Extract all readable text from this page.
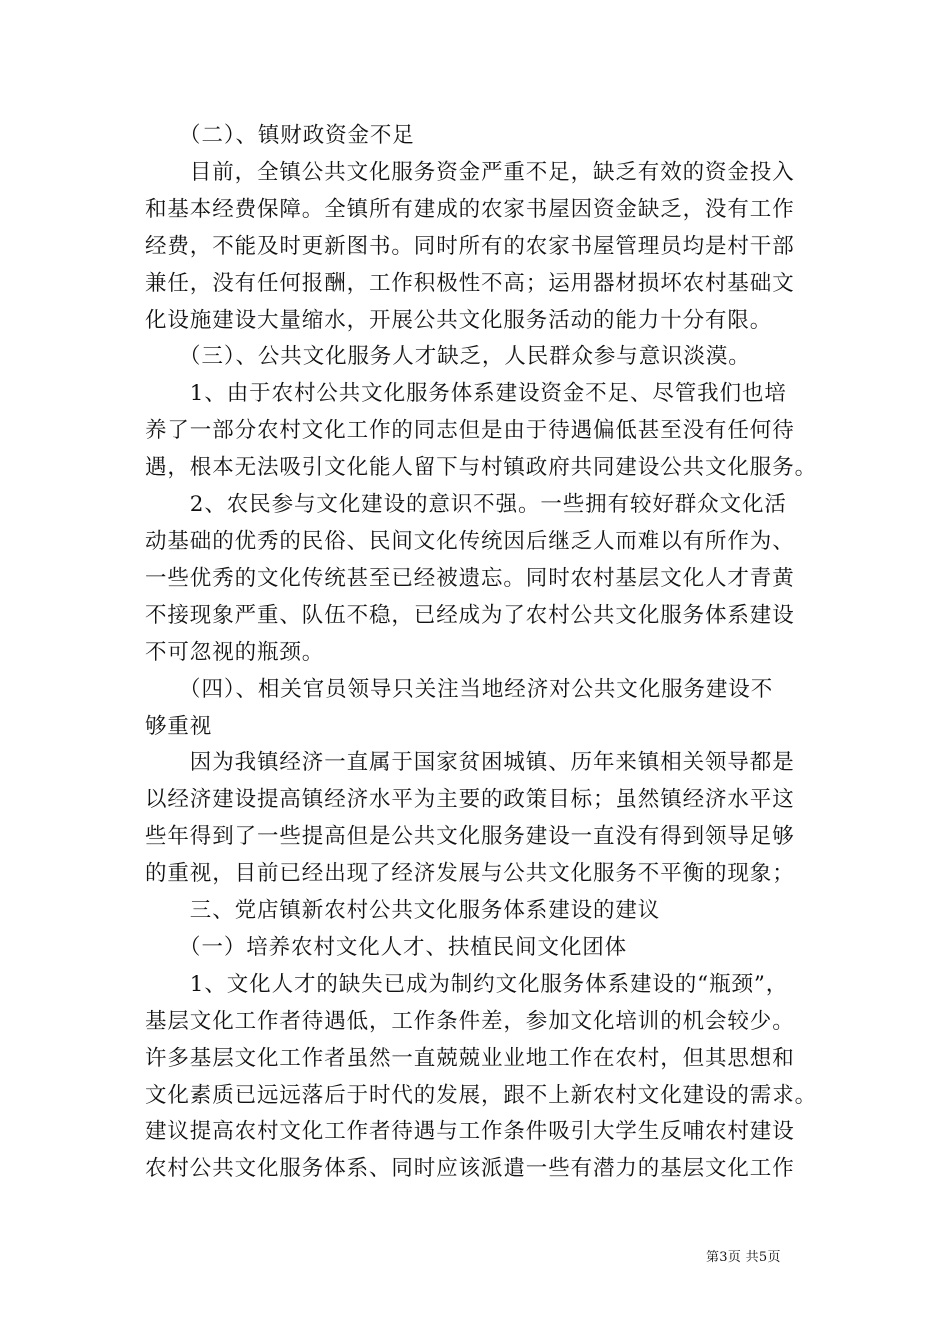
　　（二）、镇财政资金不足
　　目前，全镇公共文化服务资金严重不足，缺乏有效的资金投入
和基本经费保障。全镇所有建成的农家书屋因资金缺乏，没有工作
经费，不能及时更新图书。同时所有的农家书屋管理员均是村干部
兼任，没有任何报酬，工作积极性不高；运用器材损坏农村基础文
化设施建设大量缩水，开展公共文化服务活动的能力十分有限。
　　（三）、公共文化服务人才缺乏，人民群众参与意识淡漠。
　　1、由于农村公共文化服务体系建设资金不足、尽管我们也培
养了一部分农村文化工作的同志但是由于待遇偏低甚至没有任何待
遇，根本无法吸引文化能人留下与村镇政府共同建设公共文化服务。
　　2、农民参与文化建设的意识不强。一些拥有较好群众文化活
动基础的优秀的民俗、民间文化传统因后继乏人而难以有所作为、
一些优秀的文化传统甚至已经被遗忘。同时农村基层文化人才青黄
不接现象严重、队伍不稳，已经成为了农村公共文化服务体系建设
不可忽视的瓶颈。
　　（四）、相关官员领导只关注当地经济对公共文化服务建设不
够重视
　　因为我镇经济一直属于国家贫困城镇、历年来镇相关领导都是
以经济建设提高镇经济水平为主要的政策目标；虽然镇经济水平这
些年得到了一些提高但是公共文化服务建设一直没有得到领导足够
的重视，目前已经出现了经济发展与公共文化服务不平衡的现象；
　　三、党店镇新农村公共文化服务体系建设的建议
　　（一）培养农村文化人才、扶植民间文化团体
　　1、文化人才的缺失已成为制约文化服务体系建设的“瓶颈”，
基层文化工作者待遇低，工作条件差，参加文化培训的机会较少。
许多基层文化工作者虽然一直兢兢业业地工作在农村，但其思想和
文化素质已远远落后于时代的发展，跟不上新农村文化建设的需求。
建议提高农村文化工作者待遇与工作条件吸引大学生反哺农村建设
农村公共文化服务体系、同时应该派遣一些有潜力的基层文化工作
第3页 共5页
